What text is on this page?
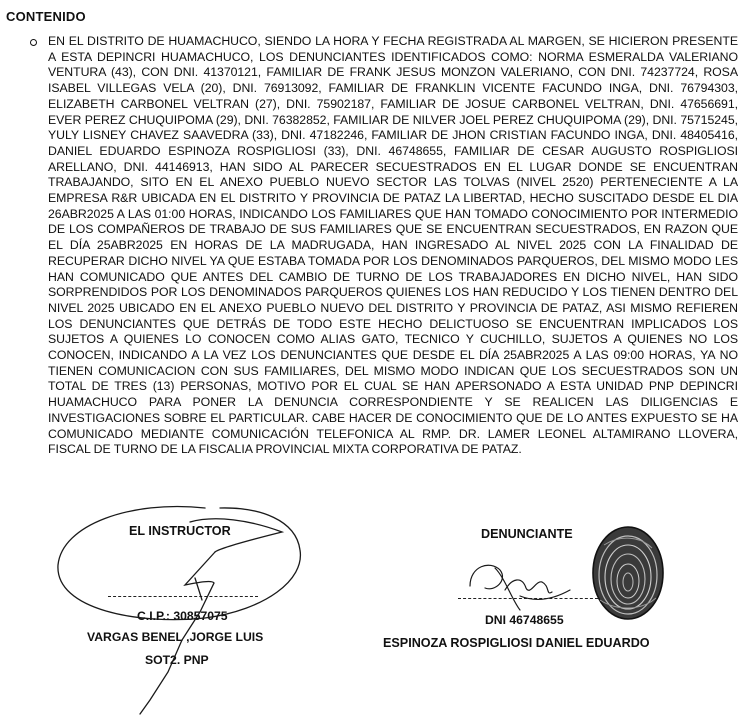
CONTENIDO
EN EL DISTRITO DE HUAMACHUCO, SIENDO LA HORA Y FECHA REGISTRADA AL MARGEN, SE HICIERON PRESENTE A ESTA DEPINCRI HUAMACHUCO, LOS DENUNCIANTES IDENTIFICADOS COMO: NORMA ESMERALDA VALERIANO VENTURA (43), CON DNI. 41370121, FAMILIAR DE FRANK JESUS MONZON VALERIANO, CON DNI. 74237724, ROSA ISABEL VILLEGAS VELA (20), DNI. 76913092, FAMILIAR DE FRANKLIN VICENTE FACUNDO INGA, DNI. 76794303, ELIZABETH CARBONEL VELTRAN (27), DNI. 75902187, FAMILIAR DE JOSUE CARBONEL VELTRAN, DNI. 47656691, EVER PEREZ CHUQUIPOMA (29), DNI. 76382852, FAMILIAR DE NILVER JOEL PEREZ CHUQUIPOMA (29), DNI. 75715245, YULY LISNEY CHAVEZ SAAVEDRA (33), DNI. 47182246, FAMILIAR DE JHON CRISTIAN FACUNDO INGA, DNI. 48405416, DANIEL EDUARDO ESPINOZA ROSPIGLIOSI (33), DNI. 46748655, FAMILIAR DE CESAR AUGUSTO ROSPIGLIOSI ARELLANO, DNI. 44146913, HAN SIDO AL PARECER SECUESTRADOS EN EL LUGAR DONDE SE ENCUENTRAN TRABAJANDO, SITO EN EL ANEXO PUEBLO NUEVO SECTOR LAS TOLVAS (NIVEL 2520) PERTENECIENTE A LA EMPRESA R&R UBICADA EN EL DISTRITO Y PROVINCIA DE PATAZ LA LIBERTAD, HECHO SUSCITADO DESDE EL DIA 26ABR2025 A LAS 01:00 HORAS, INDICANDO LOS FAMILIARES QUE HAN TOMADO CONOCIMIENTO POR INTERMEDIO DE LOS COMPAÑEROS DE TRABAJO DE SUS FAMILIARES QUE SE ENCUENTRAN SECUESTRADOS, EN RAZON QUE EL DÍA 25ABR2025 EN HORAS DE LA MADRUGADA, HAN INGRESADO AL NIVEL 2025 CON LA FINALIDAD DE RECUPERAR DICHO NIVEL YA QUE ESTABA TOMADA POR LOS DENOMINADOS PARQUEROS, DEL MISMO MODO LES HAN COMUNICADO QUE ANTES DEL CAMBIO DE TURNO DE LOS TRABAJADORES EN DICHO NIVEL, HAN SIDO SORPRENDIDOS POR LOS DENOMINADOS PARQUEROS QUIENES LOS HAN REDUCIDO Y LOS TIENEN DENTRO DEL NIVEL 2025 UBICADO EN EL ANEXO PUEBLO NUEVO DEL DISTRITO Y PROVINCIA DE PATAZ, ASI MISMO REFIEREN LOS DENUNCIANTES QUE DETRÁS DE TODO ESTE HECHO DELICTUOSO SE ENCUENTRAN IMPLICADOS LOS SUJETOS A QUIENES LO CONOCEN COMO ALIAS GATO, TECNICO Y CUCHILLO, SUJETOS A QUIENES NO LOS CONOCEN, INDICANDO A LA VEZ LOS DENUNCIANTES QUE DESDE EL DÍA 25ABR2025 A LAS 09:00 HORAS, YA NO TIENEN COMUNICACION CON SUS FAMILIARES, DEL MISMO MODO INDICAN QUE LOS SECUESTRADOS SON UN TOTAL DE TRES (13) PERSONAS, MOTIVO POR EL CUAL SE HAN APERSONADO A ESTA UNIDAD PNP DEPINCRI HUAMACHUCO PARA PONER LA DENUNCIA CORRESPONDIENTE Y SE REALICEN LAS DILIGENCIAS E INVESTIGACIONES SOBRE EL PARTICULAR. CABE HACER DE CONOCIMIENTO QUE DE LO ANTES EXPUESTO SE HA COMUNICADO MEDIANTE COMUNICACIÓN TELEFONICA AL RMP. DR. LAMER LEONEL ALTAMIRANO LLOVERA, FISCAL DE TURNO DE LA FISCALIA PROVINCIAL MIXTA CORPORATIVA DE PATAZ.
EL INSTRUCTOR
C.I.P.: 30857075
VARGAS BENEL ,JORGE LUIS
SOT2. PNP
DENUNCIANTE
DNI 46748655
ESPINOZA ROSPIGLIOSI DANIEL EDUARDO
